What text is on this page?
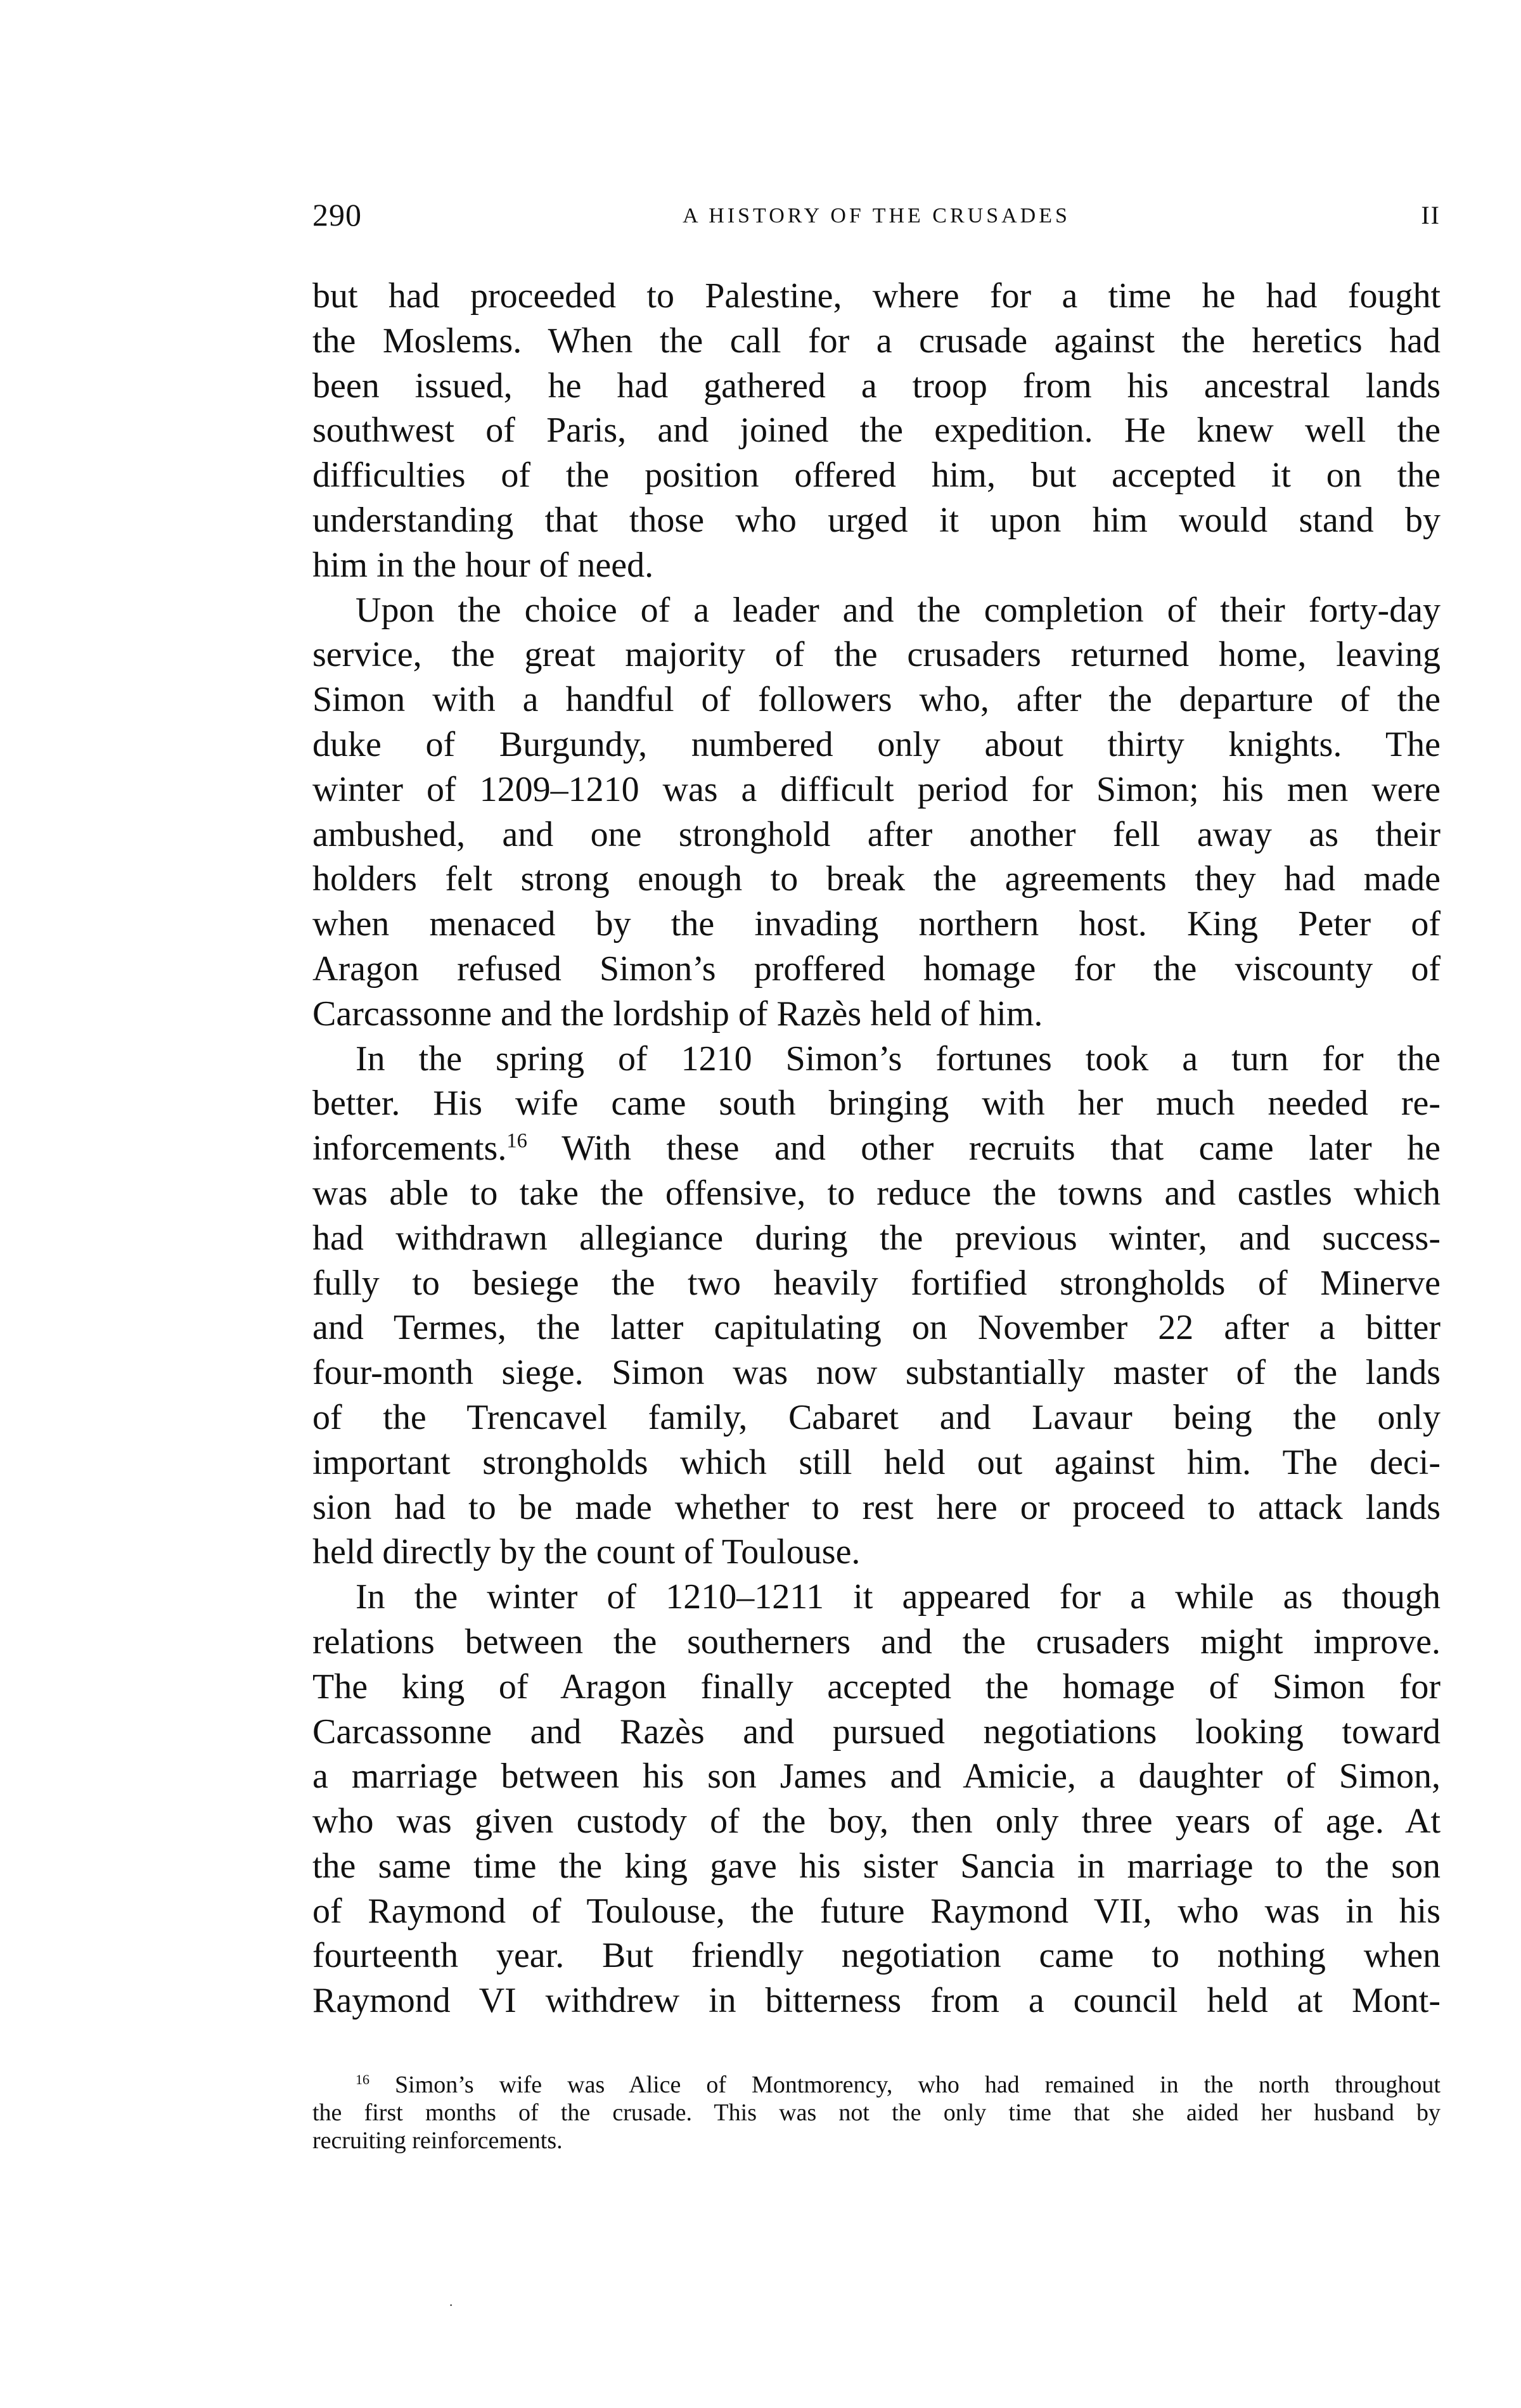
290	A HISTORY OF THE CRUSADES	II
but had proceeded to Palestine, where for a time he had fought
the Moslems. When the call for a crusade against the heretics had
been issued, he had gathered a troop from his ancestral lands
southwest of Paris, and joined the expedition. He knew well the
difficulties of the position offered him, but accepted it on the
understanding that those who urged it upon him would stand by
him in the hour of need.
Upon the choice of a leader and the completion of their forty-day
service, the great majority of the crusaders returned home, leaving
Simon with a handful of followers who, after the departure of the
duke of Burgundy, numbered only about thirty knights. The
winter of 1209–1210 was a difficult period for Simon; his men were
ambushed, and one stronghold after another fell away as their
holders felt strong enough to break the agreements they had made
when menaced by the invading northern host. King Peter of
Aragon refused Simon’s proffered homage for the viscounty of
Carcassonne and the lordship of Razès held of him.
In the spring of 1210 Simon’s fortunes took a turn for the
better. His wife came south bringing with her much needed re-
inforcements.$^{16}$ With these and other recruits that came later he
was able to take the offensive, to reduce the towns and castles which
had withdrawn allegiance during the previous winter, and success-
fully to besiege the two heavily fortified strongholds of Minerve
and Termes, the latter capitulating on November 22 after a bitter
four-month siege. Simon was now substantially master of the lands
of the Trencavel family, Cabaret and Lavaur being the only
important strongholds which still held out against him. The deci-
sion had to be made whether to rest here or proceed to attack lands
held directly by the count of Toulouse.
In the winter of 1210–1211 it appeared for a while as though
relations between the southerners and the crusaders might improve.
The king of Aragon finally accepted the homage of Simon for
Carcassonne and Razès and pursued negotiations looking toward
a marriage between his son James and Amicie, a daughter of Simon,
who was given custody of the boy, then only three years of age. At
the same time the king gave his sister Sancia in marriage to the son
of Raymond of Toulouse, the future Raymond VII, who was in his
fourteenth year. But friendly negotiation came to nothing when
Raymond VI withdrew in bitterness from a council held at Mont-
$^{16}$ Simon’s wife was Alice of Montmorency, who had remained in the north throughout
the first months of the crusade. This was not the only time that she aided her husband by
recruiting reinforcements.
·
